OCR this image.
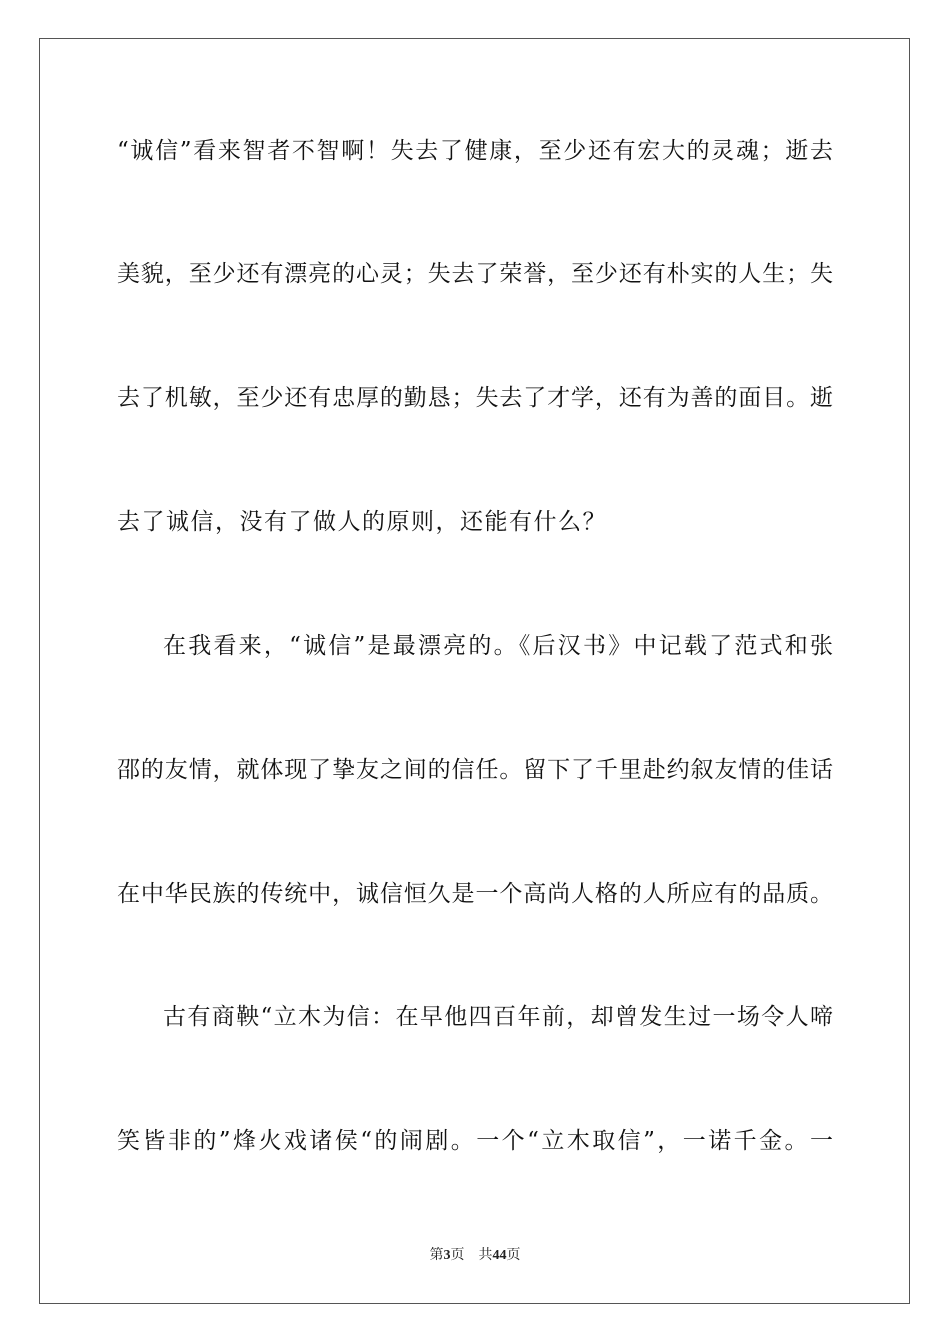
“诚信”看来智者不智啊！失去了健康，至少还有宏大的灵魂；逝去
美貌，至少还有漂亮的心灵；失去了荣誉，至少还有朴实的人生；失
去了机敏，至少还有忠厚的勤恳；失去了才学，还有为善的面目。逝
去了诚信，没有了做人的原则，还能有什么？
在我看来，“诚信”是最漂亮的。《后汉书》中记载了范式和张
邵的友情，就体现了挚友之间的信任。留下了千里赴约叙友情的佳话
在中华民族的传统中，诚信恒久是一个高尚人格的人所应有的品质。
古有商鞅“立木为信：在早他四百年前，却曾发生过一场令人啼
笑皆非的”烽火戏诸侯“的闹剧。一个“立木取信”，一诺千金。一
第3页 共44页
